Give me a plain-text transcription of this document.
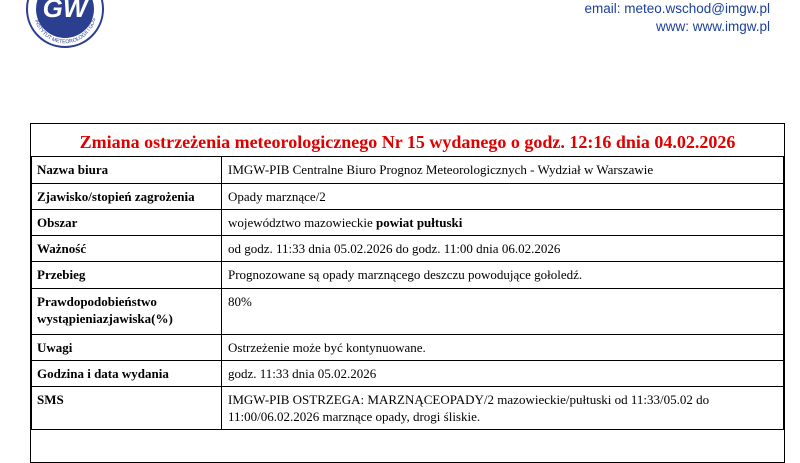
GW
INSTYTUT METEOROLOGII I GOS
email: meteo.wschod@imgw.pl
www: www.imgw.pl
Zmiana ostrzeżenia meteorologicznego Nr 15 wydanego o godz. 12:16 dnia 04.02.2026
Nazwa biura	IMGW-PIB Centralne Biuro Prognoz Meteorologicznych - Wydział w Warszawie
Zjawisko/stopień zagrożenia	Opady marznące/2
Obszar	województwo mazowieckie powiat pułtuski
Ważność	od godz. 11:33 dnia 05.02.2026 do godz. 11:00 dnia 06.02.2026
Przebieg	Prognozowane są opady marznącego deszczu powodujące gołoledź.
Prawdopodobieństwo wystąpieniazjawiska(%)	80%
Uwagi	Ostrzeżenie może być kontynuowane.
Godzina i data wydania	godz. 11:33 dnia 05.02.2026
SMS	IMGW-PIB OSTRZEGA: MARZNĄCEOPADY/2 mazowieckie/pułtuski od 11:33/05.02 do 11:00/06.02.2026 marznące opady, drogi śliskie.
